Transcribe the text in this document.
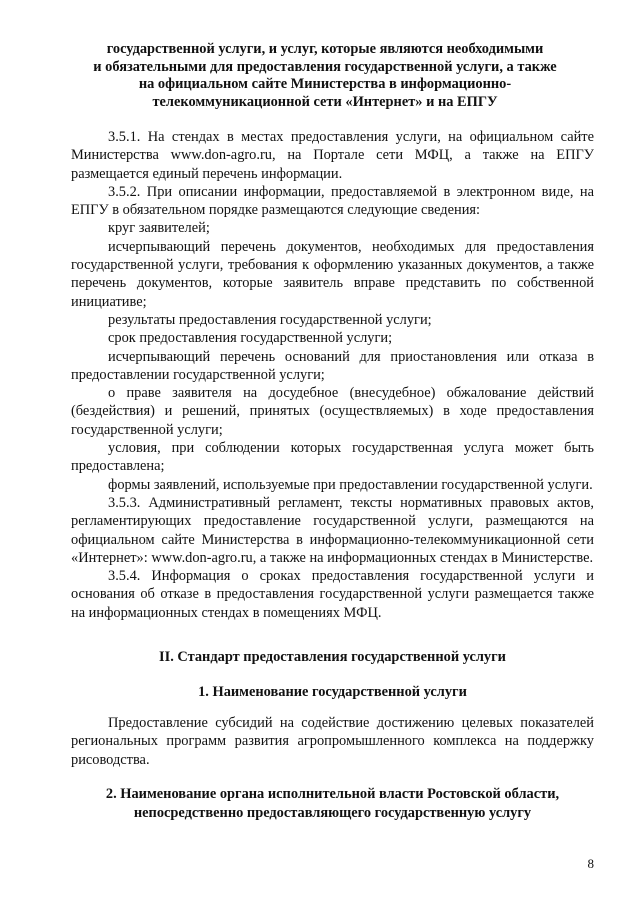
государственной услуги, и услуг, которые являются необходимыми
и обязательными для предоставления государственной услуги, а также
на официальном сайте Министерства в информационно-
телекоммуникационной сети «Интернет» и на ЕПГУ

3.5.1. На стендах в местах предоставления услуги, на официальном сайте Министерства www.don-agro.ru, на Портале сети МФЦ, а также на ЕПГУ размещается единый перечень информации.

3.5.2. При описании информации, предоставляемой в электронном виде, на ЕПГУ в обязательном порядке размещаются следующие сведения:

круг заявителей;

исчерпывающий перечень документов, необходимых для предоставления государственной услуги, требования к оформлению указанных документов, а также перечень документов, которые заявитель вправе представить по собственной инициативе;

результаты предоставления государственной услуги;

срок предоставления государственной услуги;

исчерпывающий перечень оснований для приостановления или отказа в предоставлении государственной услуги;

о праве заявителя на досудебное (внесудебное) обжалование действий (бездействия) и решений, принятых (осуществляемых) в ходе предоставления государственной услуги;

условия, при соблюдении которых государственная услуга может быть предоставлена;

формы заявлений, используемые при предоставлении государственной услуги.

3.5.3. Административный регламент, тексты нормативных правовых актов, регламентирующих предоставление государственной услуги, размещаются на официальном сайте Министерства в информационно-телекоммуникационной сети «Интернет»: www.don-agro.ru, а также на информационных стендах в Министерстве.

3.5.4. Информация о сроках предоставления государственной услуги и основания об отказе в предоставления государственной услуги размещается также на информационных стендах в помещениях МФЦ.

II. Стандарт предоставления государственной услуги
1. Наименование государственной услуги

Предоставление субсидий на содействие достижению целевых показателей региональных программ развития агропромышленного комплекса на поддержку рисоводства.

2. Наименование органа исполнительной власти Ростовской области,
непосредственно предоставляющего государственную услугу
8
